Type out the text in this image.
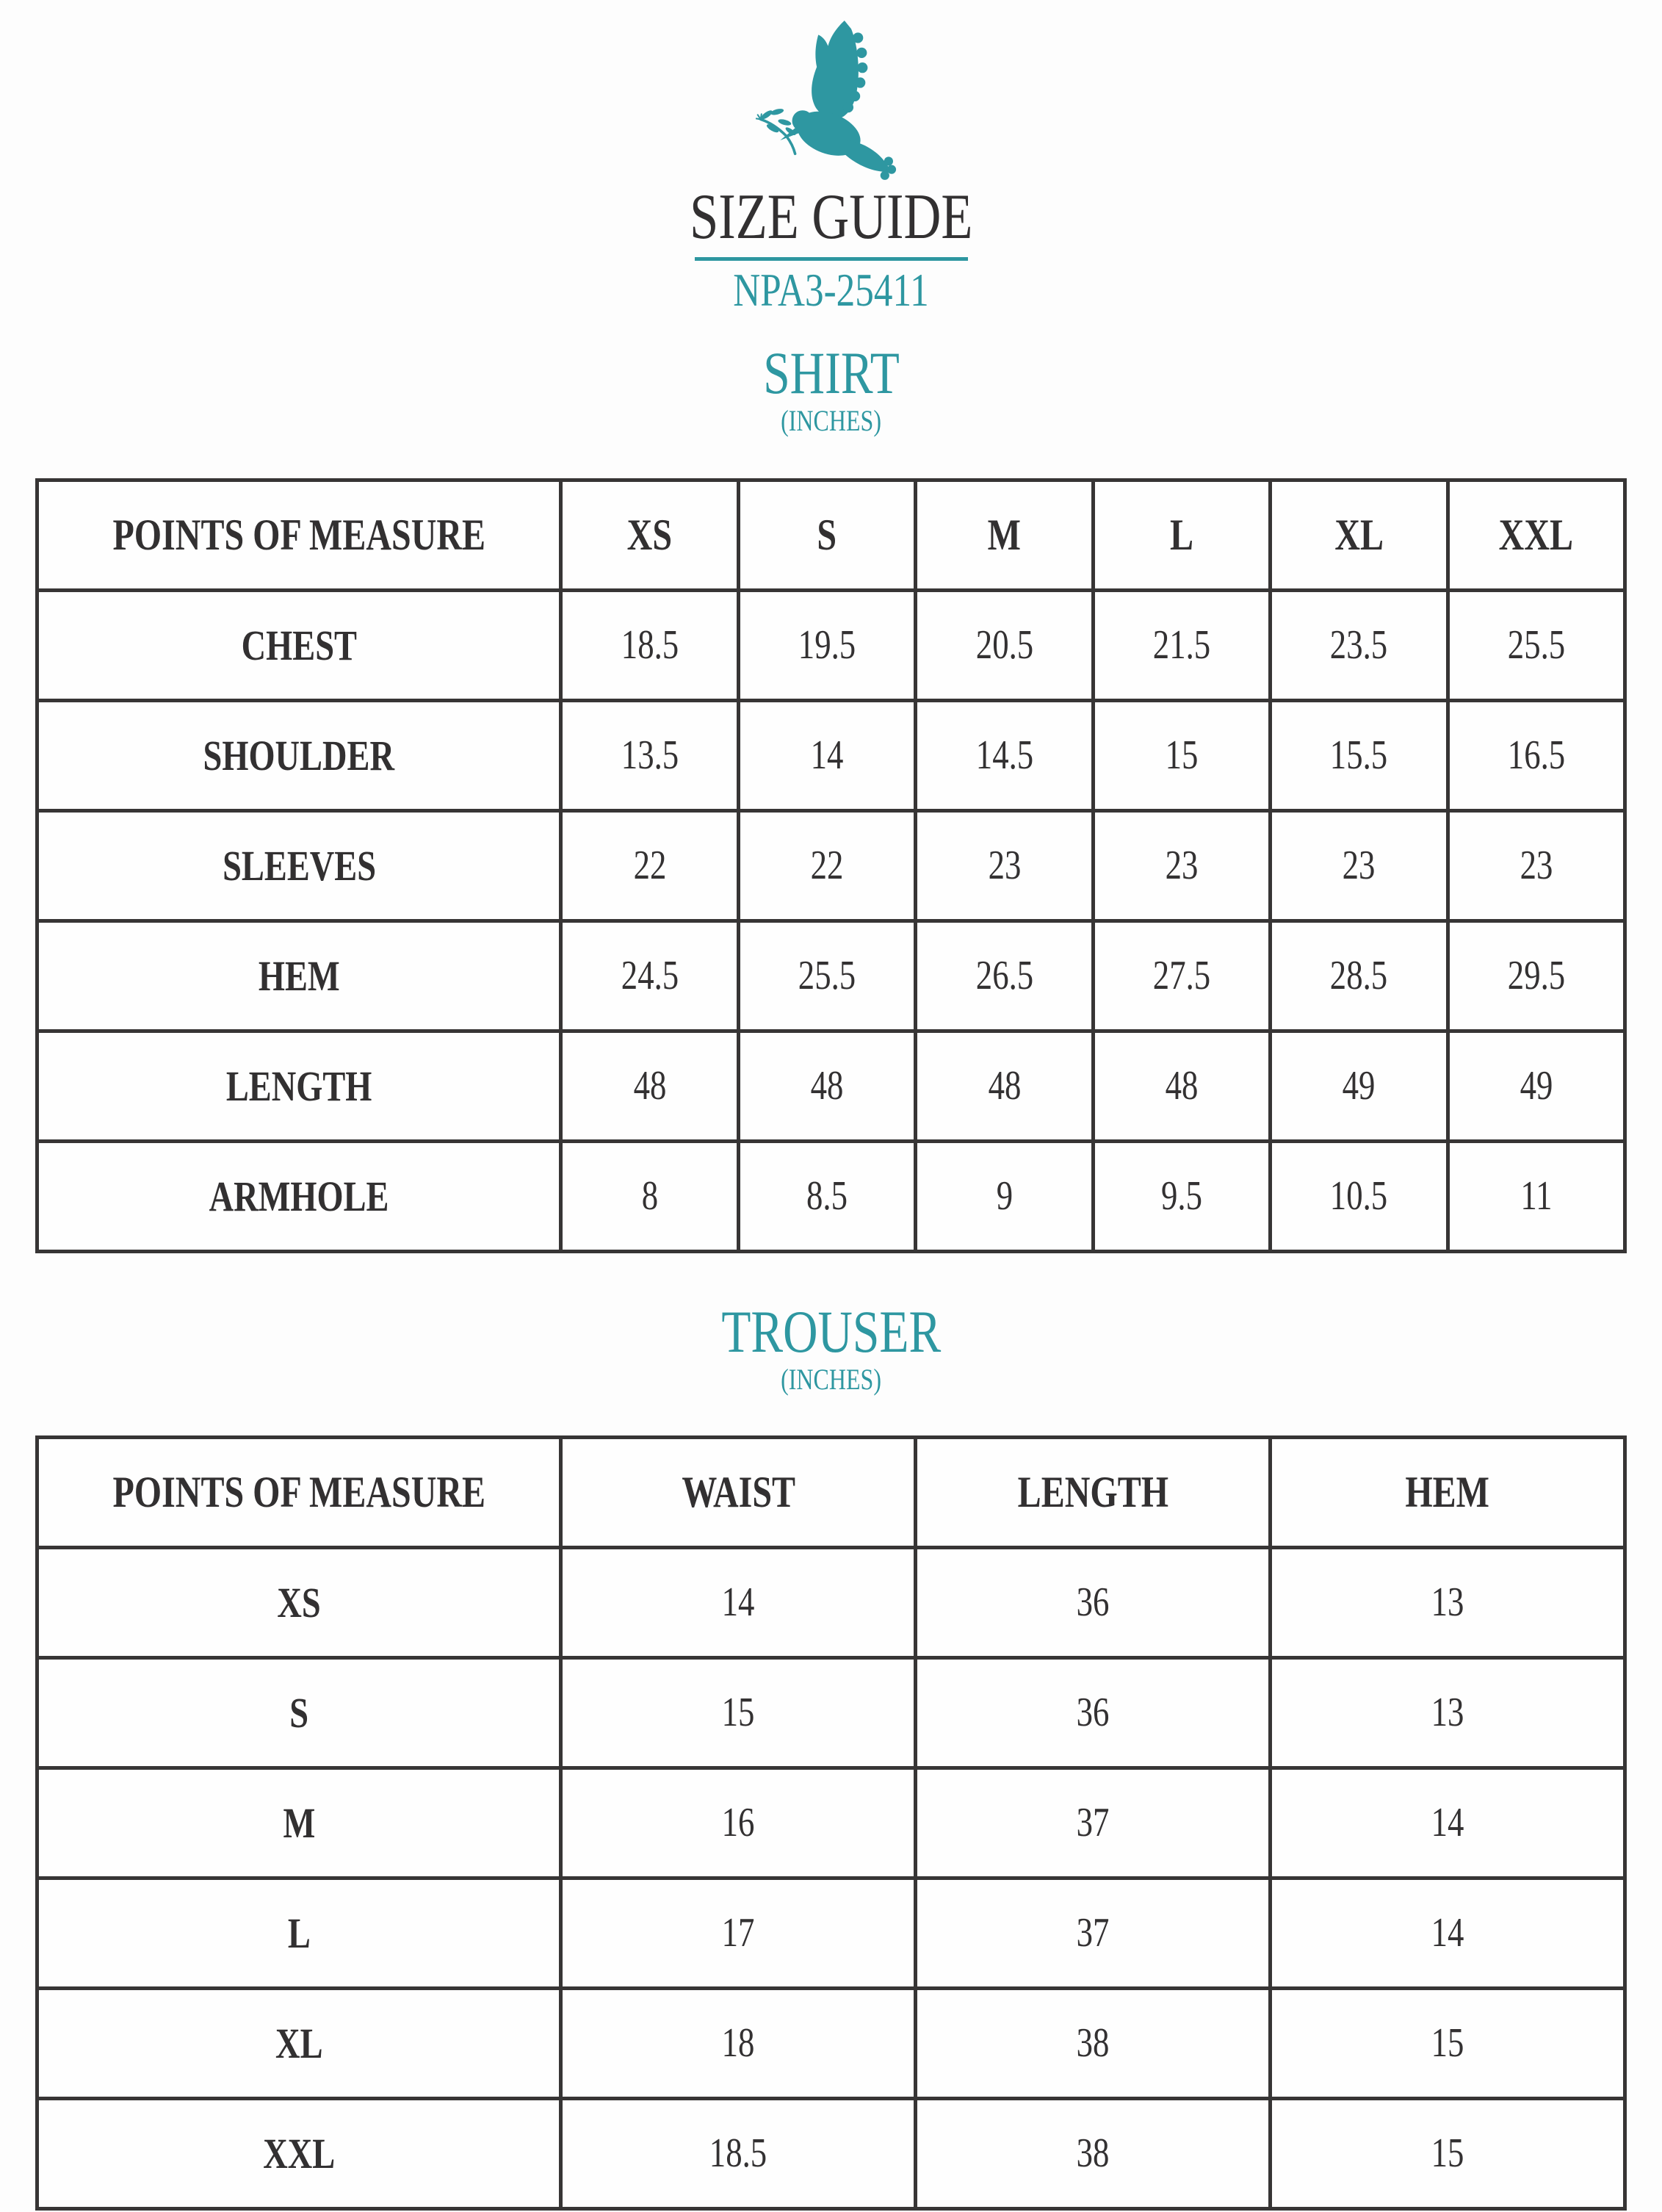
SIZE GUIDE
NPA3-25411
SHIRT
(INCHES)
POINTS OF MEASURE	XS	S	M	L	XL	XXL
CHEST	18.5	19.5	20.5	21.5	23.5	25.5
SHOULDER	13.5	14	14.5	15	15.5	16.5
SLEEVES	22	22	23	23	23	23
HEM	24.5	25.5	26.5	27.5	28.5	29.5
LENGTH	48	48	48	48	49	49
ARMHOLE	8	8.5	9	9.5	10.5	11
TROUSER
(INCHES)
POINTS OF MEASURE	WAIST	LENGTH	HEM
XS	14	36	13
S	15	36	13
M	16	37	14
L	17	37	14
XL	18	38	15
XXL	18.5	38	15
